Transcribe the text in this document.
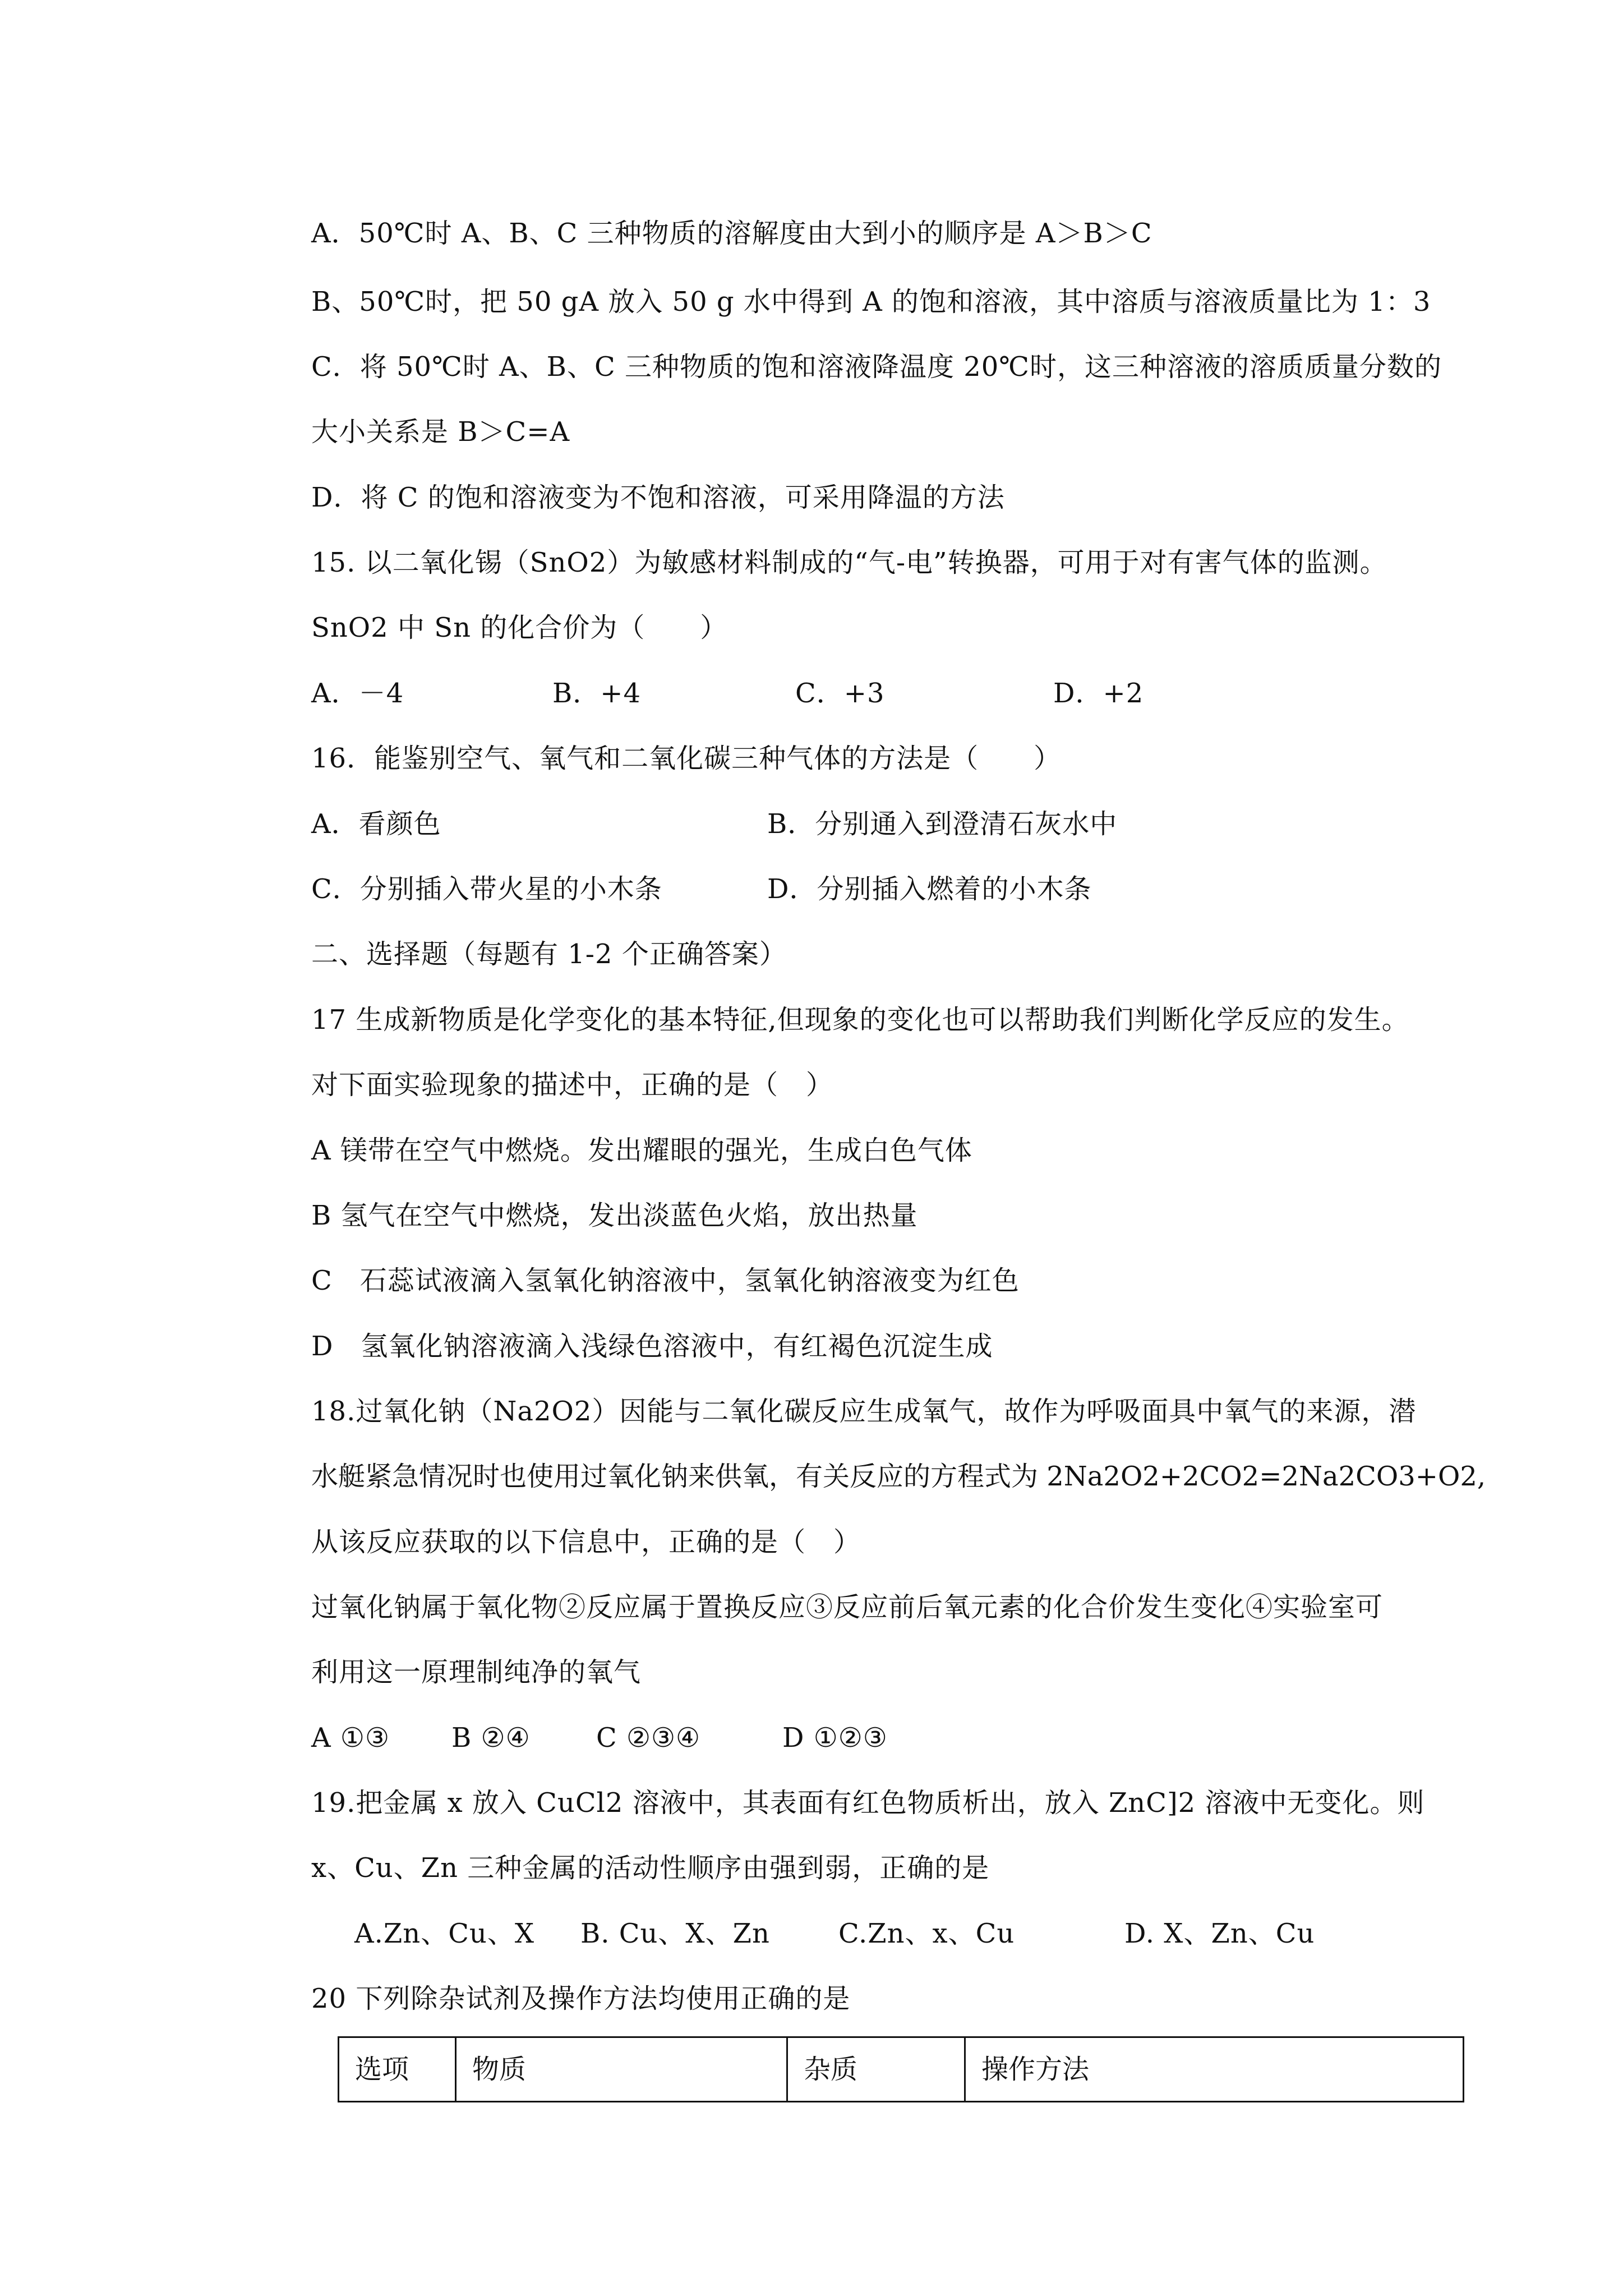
A．50℃时 A、B、C 三种物质的溶解度由大到小的顺序是 A＞B＞C
B、50℃时，把 50 gA 放入 50 g 水中得到 A 的饱和溶液，其中溶质与溶液质量比为 1：3
C．将 50℃时 A、B、C 三种物质的饱和溶液降温度 20℃时，这三种溶液的溶质质量分数的
大小关系是 B＞C=A
D．将 C 的饱和溶液变为不饱和溶液，可采用降温的方法
15. 以二氧化锡（SnO2）为敏感材料制成的“气-电”转换器，可用于对有害气体的监测。
SnO2 中 Sn 的化合价为（　　）
A．－4	B．+4	C．+3	D．+2
16．能鉴别空气、氧气和二氧化碳三种气体的方法是（　　）
A．看颜色	B．分别通入到澄清石灰水中
C．分别插入带火星的小木条	D．分别插入燃着的小木条
二、选择题（每题有 1-2 个正确答案）
17 生成新物质是化学变化的基本特征,但现象的变化也可以帮助我们判断化学反应的发生。
对下面实验现象的描述中，正确的是（　）
A 镁带在空气中燃烧。发出耀眼的强光，生成白色气体
B 氢气在空气中燃烧，发出淡蓝色火焰，放出热量
C　石蕊试液滴入氢氧化钠溶液中，氢氧化钠溶液变为红色
D　氢氧化钠溶液滴入浅绿色溶液中，有红褐色沉淀生成
18.过氧化钠（Na2O2）因能与二氧化碳反应生成氧气，故作为呼吸面具中氧气的来源，潜
水艇紧急情况时也使用过氧化钠来供氧，有关反应的方程式为 2Na2O2+2CO2=2Na2CO3+O2,
从该反应获取的以下信息中，正确的是（　）
过氧化钠属于氧化物②反应属于置换反应③反应前后氧元素的化合价发生变化④实验室可
利用这一原理制纯净的氧气
A ①③ B ②④ C ②③④	D ①②③
19.把金属 x 放入 CuCl2 溶液中，其表面有红色物质析出，放入 ZnC]2 溶液中无变化。则
x、Cu、Zn 三种金属的活动性顺序由强到弱，正确的是
A.Zn、Cu、X B. Cu、X、Zn	C.Zn、x、Cu	D. X、Zn、Cu
20 下列除杂试剂及操作方法均使用正确的是
选项	物质	杂质	操作方法
